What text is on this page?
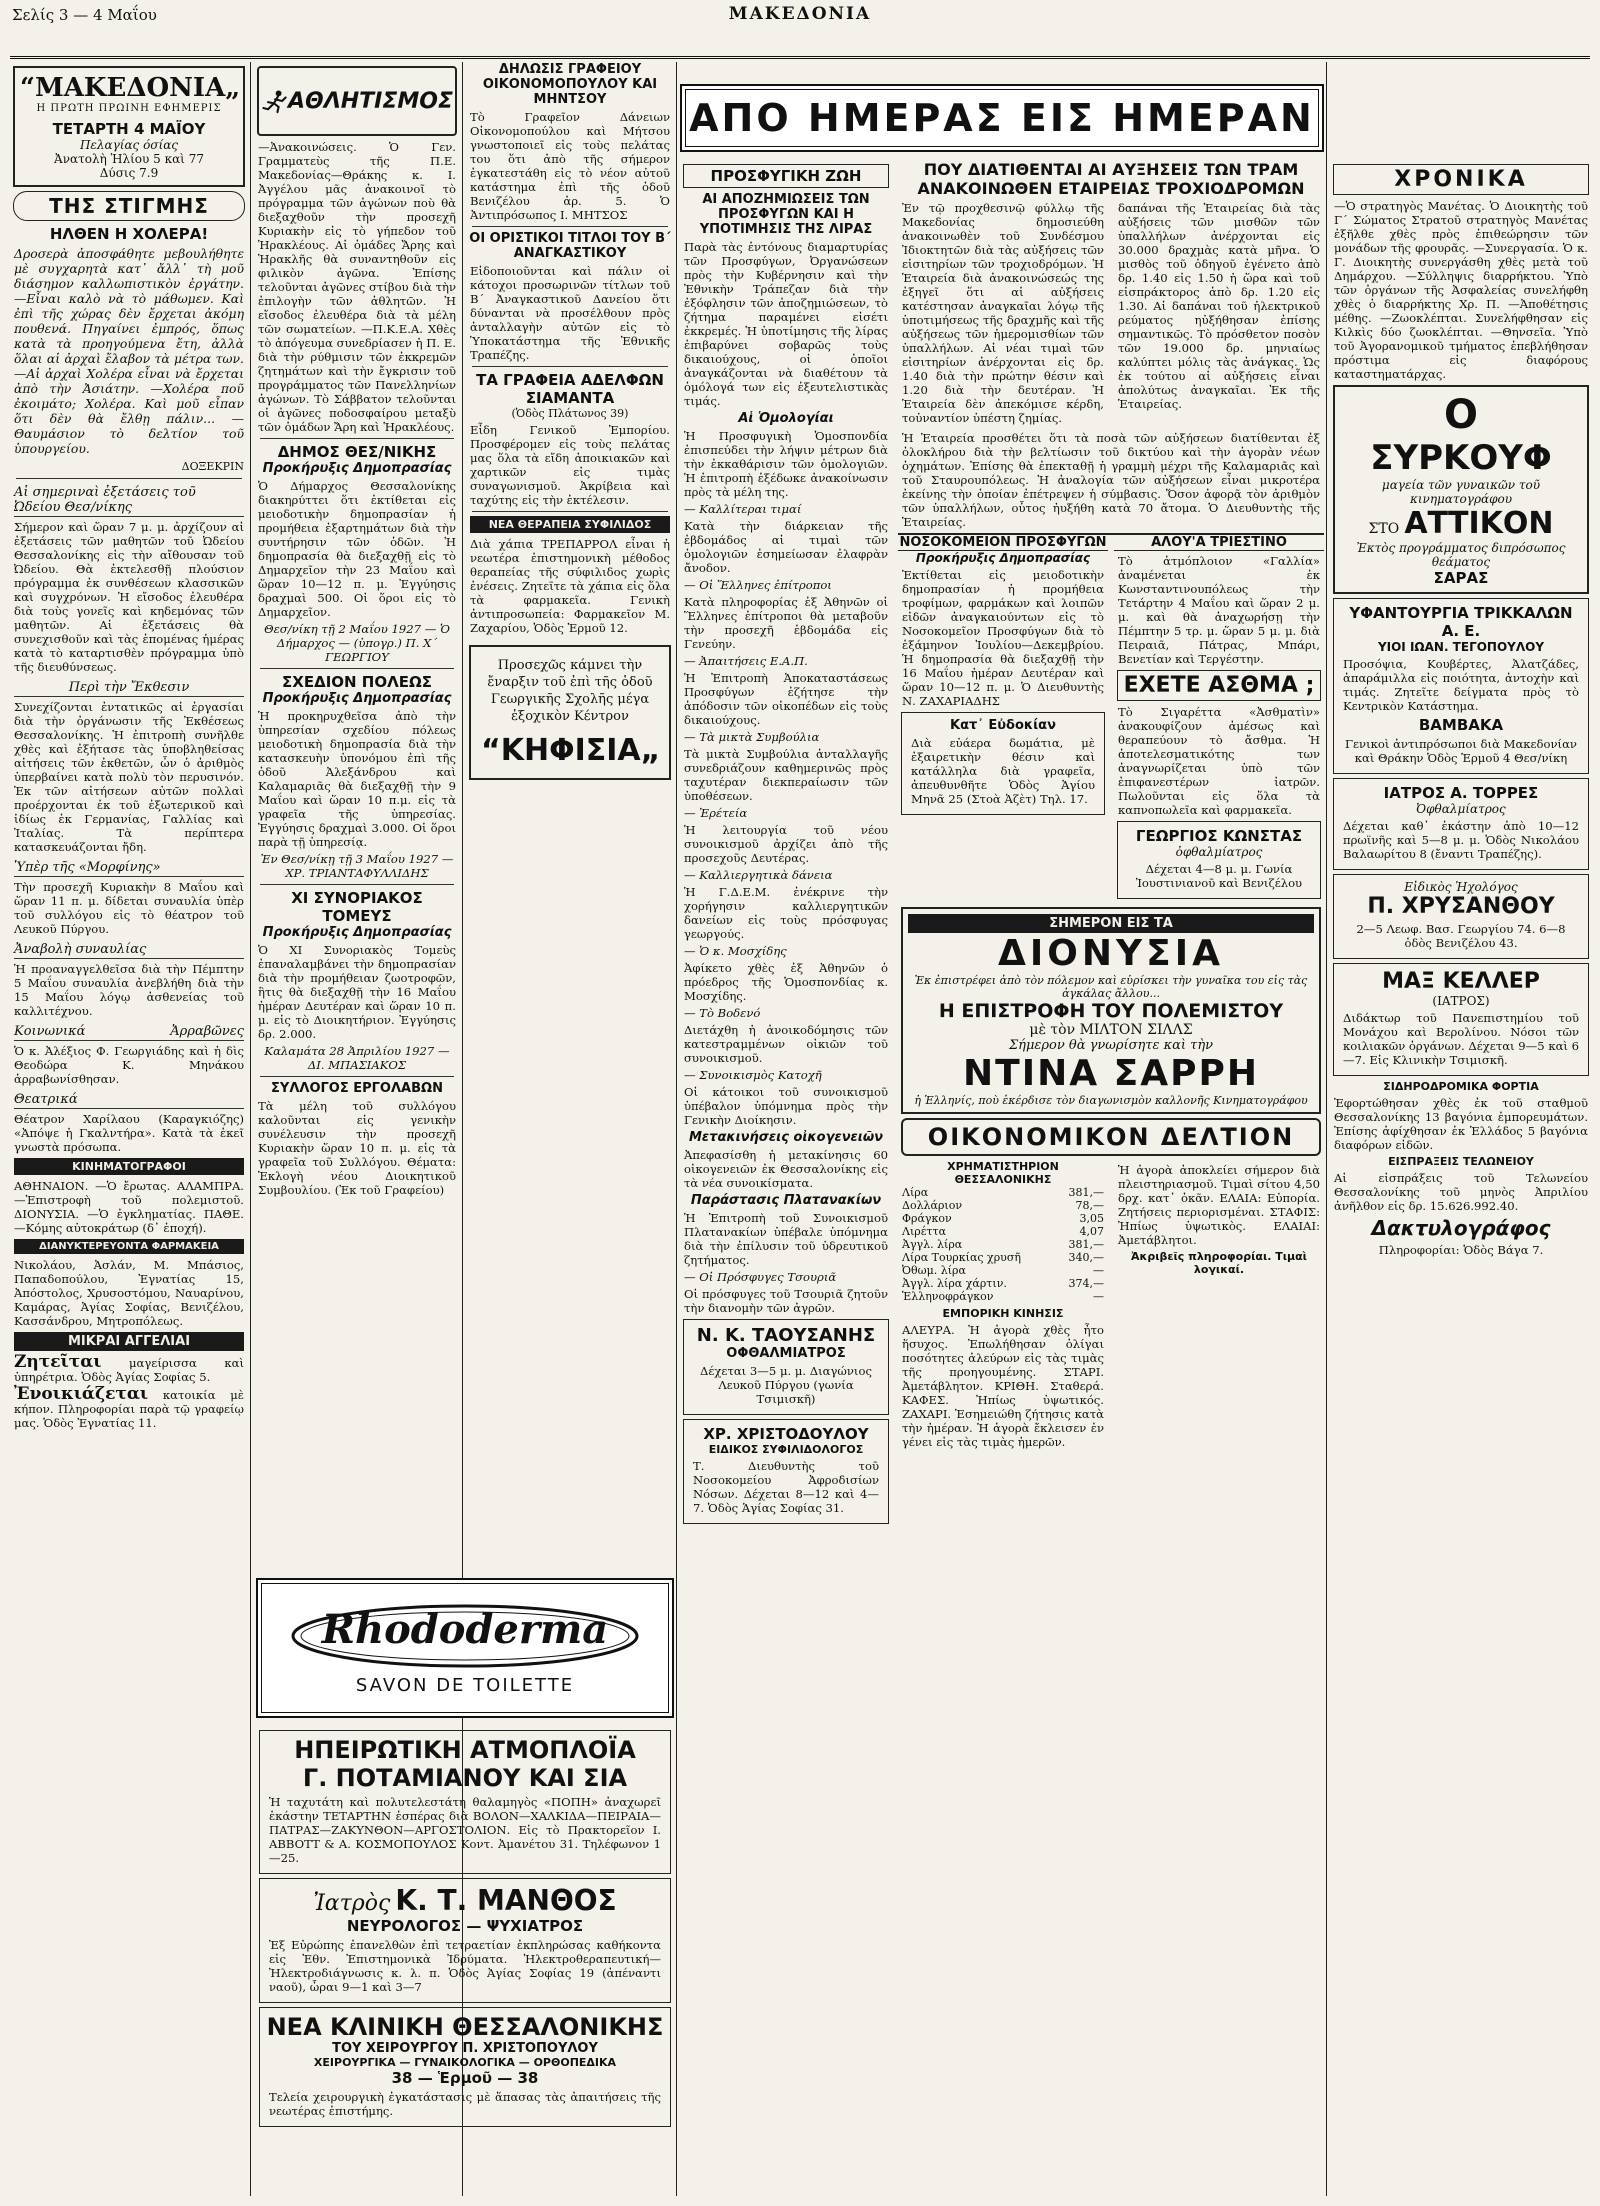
Σελίς 3 — 4 Μαΐου	ΜΑΚΕΔΟΝΙΑ
“ΜΑΚΕΔΟΝΙΑ„
Η ΠΡΩΤΗ ΠΡΩΙΝΗ ΕΦΗΜΕΡΙΣ
ΤΕΤΑΡΤΗ 4 ΜΑΪΟΥ
Πελαγίας όσίας
Ἀνατολὴ Ἡλίου 5 καὶ 77
Δύσις 7.9
ΤΗΣ ΣΤΙΓΜΗΣ
ΗΛΘΕΝ Η ΧΟΛΕΡΑ!
Δροσερὰ ἀποσφάθητε μεβουλήθητε μὲ συγχαρητὰ κατ᾽ ἄλλ᾽ τὴ μοῦ διάσημον καλλωπιστικὸν ἐργάτην. —Εἶναι καλὸ νὰ τὸ μάθωμεν. Καὶ ἐπὶ τῆς χώρας δὲν ἔρχεται ἀκόμη πουθενά. Πηγαίνει ἐμπρός, ὅπως κατὰ τὰ προηγούμενα ἔτη, ἀλλὰ ὅλαι αἱ ἀρχαὶ ἔλαβον τὰ μέτρα των. —Αἱ ἀρχαὶ Χολέρα εἶναι νὰ ἔρχεται ἀπὸ τὴν Ἀσιάτην. —Χολέρα ποῦ ἐκοιμάτο; Χολέρα. Καὶ μοῦ εἶπαν ὅτι δὲν θὰ ἔλθῃ πάλιν... —Θαυμάσιον τὸ δελτίον τοῦ ὑπουργείου.
ΔΟΞΕΚΡΙΝ
Αἱ σημεριναὶ ἐξετάσεις τοῦ Ὠδείου Θεσ/νίκης
Σήμερον καὶ ὥραν 7 μ. μ. ἀρχίζουν αἱ ἐξετάσεις τῶν μαθητῶν τοῦ Ὠδείου Θεσσαλονίκης εἰς τὴν αἴθουσαν τοῦ Ὠδείου. Θὰ ἐκτελεσθῇ πλούσιον πρόγραμμα ἐκ συνθέσεων κλασσικῶν καὶ συγχρόνων. Ἡ εἴσοδος ἐλευθέρα διὰ τοὺς γονεῖς καὶ κηδεμόνας τῶν μαθητῶν. Αἱ ἐξετάσεις θὰ συνεχισθοῦν καὶ τὰς ἑπομένας ἡμέρας κατὰ τὸ καταρτισθὲν πρόγραμμα ὑπὸ τῆς διευθύνσεως.
Περὶ τὴν Ἔκθεσιν
Συνεχίζονται ἐντατικῶς αἱ ἐργασίαι διὰ τὴν ὀργάνωσιν τῆς Ἐκθέσεως Θεσσαλονίκης. Ἡ ἐπιτροπὴ συνῆλθε χθὲς καὶ ἐξήτασε τὰς ὑποβληθείσας αἰτήσεις τῶν ἐκθετῶν, ὧν ὁ ἀριθμὸς ὑπερβαίνει κατὰ πολὺ τὸν περυσινόν. Ἐκ τῶν αἰτήσεων αὐτῶν πολλαὶ προέρχονται ἐκ τοῦ ἐξωτερικοῦ καὶ ἰδίως ἐκ Γερμανίας, Γαλλίας καὶ Ἰταλίας. Τὰ περίπτερα κατασκευάζονται ἤδη.
Ὑπὲρ τῆς «Μορφίνης»
Τὴν προσεχῆ Κυριακὴν 8 Μαΐου καὶ ὥραν 11 π. μ. δίδεται συναυλία ὑπὲρ τοῦ συλλόγου εἰς τὸ θέατρον τοῦ Λευκοῦ Πύργου.
Ἀναβολὴ συναυλίας
Ἡ προαναγγελθεῖσα διὰ τὴν Πέμπτην 5 Μαΐου συναυλία ἀνεβλήθη διὰ τὴν 15 Μαΐου λόγῳ ἀσθενείας τοῦ καλλιτέχνου.
Κοινωνικά	Ἀρραβῶνες
Ὁ κ. Ἀλέξιος Φ. Γεωργιάδης καὶ ἡ δὶς Θεοδώρα Κ. Μηνάκου ἀρραβωνίσθησαν.
Θεατρικά
Θέατρον Χαρίλαου (Καραγκιόζης) «Ἀπόψε ἡ Γκαλντήρα». Κατὰ τὰ ἐκεῖ γνωστὰ πρόσωπα.
ΚΙΝΗΜΑΤΟΓΡΑΦΟΙ
ΑΘΗΝΑΙΟΝ. —Ὁ ἔρωτας. ΑΛΑΜΠΡΑ. —Ἐπιστροφὴ τοῦ πολεμιστοῦ. ΔΙΟΝΥΣΙΑ. —Ὁ ἐγκληματίας. ΠΑΘΕ. —Κόμης αὐτοκράτωρ (δ᾽ ἐποχή).
ΔΙΑΝΥΚΤΕΡΕΥΟΝΤΑ ΦΑΡΜΑΚΕΙΑ
Νικολάου, Ἀσλάν, Μ. Μπάσιος, Παπαδοπούλου, Ἐγνατίας 15, Ἀπόστολος, Χρυσοστόμου, Ναυαρίνου, Καμάρας, Ἀγίας Σοφίας, Βενιζέλου, Κασσάνδρου, Μητροπόλεως.
ΜΙΚΡΑΙ ΑΓΓΕΛΙΑΙ
Ζητεῖται μαγείρισσα καὶ ὑπηρέτρια. Ὁδὸς Ἀγίας Σοφίας 5.
Ἐνοικιάζεται κατοικία μὲ κήπον. Πληροφορίαι παρὰ τῷ γραφείῳ μας. Ὁδὸς Ἐγνατίας 11.
ΑΘΛΗΤΙΣΜΟΣ
—Ἀνακοινώσεις. Ὁ Γεν. Γραμματεὺς τῆς Π.Ε. Μακεδονίας—Θράκης κ. Ι. Ἀγγέλου μᾶς ἀνακοινοῖ τὸ πρόγραμμα τῶν ἀγώνων ποὺ θὰ διεξαχθοῦν τὴν προσεχῆ Κυριακὴν εἰς τὸ γήπεδον τοῦ Ἡρακλέους. Αἱ ὁμάδες Ἄρης καὶ Ἡρακλῆς θὰ συναντηθοῦν εἰς φιλικὸν ἀγῶνα. Ἐπίσης τελοῦνται ἀγῶνες στίβου διὰ τὴν ἐπιλογὴν τῶν ἀθλητῶν. Ἡ εἴσοδος ἐλευθέρα διὰ τὰ μέλη τῶν σωματείων. —Π.Κ.Ε.Α. Χθὲς τὸ ἀπόγευμα συνεδρίασεν ἡ Π. Ε. διὰ τὴν ρύθμισιν τῶν ἐκκρεμῶν ζητημάτων καὶ τὴν ἔγκρισιν τοῦ προγράμματος τῶν Πανελληνίων ἀγώνων. Τὸ Σάββατον τελοῦνται οἱ ἀγῶνες ποδοσφαίρου μεταξὺ τῶν ὁμάδων Ἄρη καὶ Ἡρακλέους.
ΔΗΜΟΣ ΘΕΣ/ΝΙΚΗΣ
Προκήρυξις Δημοπρασίας
Ὁ Δήμαρχος Θεσσαλονίκης διακηρύττει ὅτι ἐκτίθεται εἰς μειοδοτικὴν δημοπρασίαν ἡ προμήθεια ἐξαρτημάτων διὰ τὴν συντήρησιν τῶν ὁδῶν. Ἡ δημοπρασία θὰ διεξαχθῇ εἰς τὸ Δημαρχεῖον τὴν 23 Μαΐου καὶ ὥραν 10—12 π. μ. Ἐγγύησις δραχμαὶ 500. Οἱ ὅροι εἰς τὸ Δημαρχεῖον.
Θεσ/νίκη τῇ 2 Μαΐου 1927 — Ὁ Δήμαρχος — (ὑπογρ.) Π. Χ΄ ΓΕΩΡΓΙΟΥ
ΣΧΕΔΙΟΝ ΠΟΛΕΩΣ
Προκήρυξις Δημοπρασίας
Ἡ προκηρυχθεῖσα ἀπὸ τὴν ὑπηρεσίαν σχεδίου πόλεως μειοδοτικὴ δημοπρασία διὰ τὴν κατασκευὴν ὑπονόμου ἐπὶ τῆς ὁδοῦ Ἀλεξάνδρου καὶ Καλαμαριᾶς θὰ διεξαχθῇ τὴν 9 Μαΐου καὶ ὥραν 10 π.μ. εἰς τὰ γραφεῖα τῆς ὑπηρεσίας. Ἐγγύησις δραχμαὶ 3.000. Οἱ ὅροι παρὰ τῇ ὑπηρεσίᾳ.
Ἐν Θεσ/νίκῃ τῇ 3 Μαΐου 1927 — ΧΡ. ΤΡΙΑΝΤΑΦΥΛΛΙΔΗΣ
ΧΙ ΣΥΝΟΡΙΑΚΟΣ ΤΟΜΕΥΣ
Προκήρυξις Δημοπρασίας
Ὁ ΧΙ Συνοριακὸς Τομεὺς ἐπαναλαμβάνει τὴν δημοπρασίαν διὰ τὴν προμήθειαν ζωοτροφῶν, ἣτις θὰ διεξαχθῇ τὴν 16 Μαΐου ἡμέραν Δευτέραν καὶ ὥραν 10 π. μ. εἰς τὸ Διοικητήριον. Ἐγγύησις δρ. 2.000.
Καλαμάτα 28 Ἀπριλίου 1927 — ΔΙ. ΜΠΑΣΙΑΚΟΣ
ΣΥΛΛΟΓΟΣ ΕΡΓΟΛΑΒΩΝ
Τὰ μέλη τοῦ συλλόγου καλοῦνται εἰς γενικὴν συνέλευσιν τὴν προσεχῆ Κυριακὴν ὥραν 10 π. μ. εἰς τὰ γραφεῖα τοῦ Συλλόγου. Θέματα: Ἐκλογὴ νέου Διοικητικοῦ Συμβουλίου. (Ἐκ τοῦ Γραφείου)
ΔΗΛΩΣΙΣ ΓΡΑΦΕΙΟΥ ΟΙΚΟΝΟΜΟΠΟΥΛΟΥ ΚΑΙ ΜΗΝΤΣΟΥ
Τὸ Γραφεῖον Δάνειων Οἰκονομοπούλου καὶ Μήτσου γνωστοποιεῖ εἰς τοὺς πελάτας του ὅτι ἀπὸ τῆς σήμερον ἐγκατεστάθη εἰς τὸ νέον αὐτοῦ κατάστημα ἐπὶ τῆς ὁδοῦ Βενιζέλου ἀρ. 5. Ὁ Ἀντιπρόσωπος Ι. ΜΗΤΣΟΣ
ΟΙ ΟΡΙΣΤΙΚΟΙ ΤΙΤΛΟΙ ΤΟΥ Β΄ ΑΝΑΓΚΑΣΤΙΚΟΥ
Εἰδοποιοῦνται καὶ πάλιν οἱ κάτοχοι προσωρινῶν τίτλων τοῦ Β΄ Ἀναγκαστικοῦ Δανείου ὅτι δύνανται νὰ προσέλθουν πρὸς ἀνταλλαγὴν αὐτῶν εἰς τὸ Ὑποκατάστημα τῆς Ἐθνικῆς Τραπέζης.
ΤΑ ΓΡΑΦΕΙΑ ΑΔΕΛΦΩΝ ΣΙΑΜΑΝΤΑ
(Ὁδὸς Πλάτωνος 39)
Εἶδη Γενικοῦ Ἐμπορίου. Προσφέρομεν εἰς τοὺς πελάτας μας ὅλα τὰ εἴδη ἀποικιακῶν καὶ χαρτικῶν εἰς τιμὰς συναγωνισμοῦ. Ἀκρίβεια καὶ ταχύτης εἰς τὴν ἐκτέλεσιν.
ΝΕΑ ΘΕΡΑΠΕΙΑ ΣΥΦΙΛΙΔΟΣ
Διὰ χάπια ΤΡΕΠΑΡΡΟΛ εἶναι ἡ νεωτέρα ἐπιστημονικὴ μέθοδος θεραπείας τῆς σύφιλιδος χωρὶς ἐνέσεις. Ζητεῖτε τὰ χάπια εἰς ὅλα τὰ φαρμακεῖα. Γενικὴ ἀντιπροσωπεία: Φαρμακεῖον Μ. Ζαχαρίου, Ὁδὸς Ἑρμοῦ 12.
Προσεχῶς κάμνει τὴν ἔναρξιν τοῦ ἐπὶ τῆς ὁδοῦ Γεωργικῆς Σχολῆς μέγα ἐξοχικὸν Κέντρον
“ΚΗΦΙΣΙΑ„
Rhododerma
SAVON DE TOILETTE
ΗΠΕΙΡΩΤΙΚΗ ΑΤΜΟΠΛΟΪΑ
Γ. ΠΟΤΑΜΙΑΝΟΥ ΚΑΙ ΣΙΑ
Ἡ ταχυτάτη καὶ πολυτελεστάτη θαλαμηγὸς «ΠΟΠΗ» ἀναχωρεῖ ἑκάστην ΤΕΤΑΡΤΗΝ ἑσπέρας διὰ ΒΟΛΟΝ—ΧΑΛΚΙΔΑ—ΠΕΙΡΑΙΑ—ΠΑΤΡΑΣ—ΖΑΚΥΝΘΟΝ—ΑΡΓΟΣΤΟΛΙΟΝ. Εἰς τὸ Πρακτορεῖον Ι. ABBOTT & Α. ΚΟΣΜΟΠΟΥΛΟΣ Κοντ. Ἀμανέτου 31. Τηλέφωνον 1—25.
Ἰατρὸς Κ. Τ. ΜΑΝΘΟΣ
ΝΕΥΡΟΛΟΓΟΣ — ΨΥΧΙΑΤΡΟΣ
Ἐξ Εὐρώπης ἐπανελθὼν ἐπὶ τετραετίαν ἐκπληρώσας καθήκοντα εἰς Ἐθν. Ἐπιστημονικὰ Ἰδρύματα. Ἠλεκτροθεραπευτική—Ἠλεκτροδιάγνωσις κ. λ. π. Ὁδὸς Ἀγίας Σοφίας 19 (ἀπέναντι ναοῦ), ὧραι 9—1 καὶ 3—7
ΝΕΑ ΚΛΙΝΙΚΗ ΘΕΣΣΑΛΟΝΙΚΗΣ
ΤΟΥ ΧΕΙΡΟΥΡΓΟΥ Π. ΧΡΙΣΤΟΠΟΥΛΟΥ
ΧΕΙΡΟΥΡΓΙΚΑ — ΓΥΝΑΙΚΟΛΟΓΙΚΑ — ΟΡΘΟΠΕΔΙΚΑ
38 — Ἑρμοῦ — 38
Τελεία χειρουργικὴ ἐγκατάστασις μὲ ἅπασας τὰς ἀπαιτήσεις τῆς νεωτέρας ἐπιστήμης.
ΑΠΟ ΗΜΕΡΑΣ ΕΙΣ ΗΜΕΡΑΝ
ΠΡΟΣΦΥΓΙΚΗ ΖΩΗ
ΑΙ ΑΠΟΖΗΜΙΩΣΕΙΣ ΤΩΝ ΠΡΟΣΦΥΓΩΝ ΚΑΙ Η ΥΠΟΤΙΜΗΣΙΣ ΤΗΣ ΛΙΡΑΣ
Παρὰ τὰς ἐντόνους διαμαρτυρίας τῶν Προσφύγων, Ὀργανώσεων πρὸς τὴν Κυβέρνησιν καὶ τὴν Ἐθνικὴν Τράπεζαν διὰ τὴν ἐξόφλησιν τῶν ἀποζημιώσεων, τὸ ζήτημα παραμένει εἰσέτι ἐκκρεμές. Ἡ ὑποτίμησις τῆς λίρας ἐπιβαρύνει σοβαρῶς τοὺς δικαιούχους, οἱ ὁποῖοι ἀναγκάζονται νὰ διαθέτουν τὰ ὁμόλογά των εἰς ἐξευτελιστικὰς τιμάς.
Αἱ Ὁμολογίαι
Ἡ Προσφυγικὴ Ὁμοσπονδία ἐπισπεύδει τὴν λήψιν μέτρων διὰ τὴν ἐκκαθάρισιν τῶν ὁμολογιῶν. Ἡ ἐπιτροπὴ ἐξέδωκε ἀνακοίνωσιν πρὸς τὰ μέλη της.
— Καλλίτεραι τιμαί
Κατὰ τὴν διάρκειαν τῆς ἑβδομάδος αἱ τιμαὶ τῶν ὁμολογιῶν ἐσημείωσαν ἐλαφρὰν ἄνοδον.
— Οἱ Ἕλληνες ἐπίτροποι
Κατὰ πληροφορίας ἐξ Ἀθηνῶν οἱ Ἕλληνες ἐπίτροποι θὰ μεταβοῦν τὴν προσεχῆ ἑβδομάδα εἰς Γενεύην.
— Ἀπαιτήσεις Ε.Α.Π.
Ἡ Ἐπιτροπὴ Ἀποκαταστάσεως Προσφύγων ἐζήτησε τὴν ἀπόδοσιν τῶν οἰκοπέδων εἰς τοὺς δικαιούχους.
— Τὰ μικτὰ Συμβούλια
Τὰ μικτὰ Συμβούλια ἀνταλλαγῆς συνεδριάζουν καθημερινῶς πρὸς ταχυτέραν διεκπεραίωσιν τῶν ὑποθέσεων.
— Ἐρέτεία
Ἡ λειτουργία τοῦ νέου συνοικισμοῦ ἀρχίζει ἀπὸ τῆς προσεχοῦς Δευτέρας.
— Καλλιεργητικὰ δάνεια
Ἡ Γ.Δ.Ε.Μ. ἐνέκρινε τὴν χορήγησιν καλλιεργητικῶν δανείων εἰς τοὺς πρόσφυγας γεωργούς.
— Ὁ κ. Μοσχίδης
Ἀφίκετο χθὲς ἐξ Ἀθηνῶν ὁ πρόεδρος τῆς Ὁμοσπονδίας κ. Μοσχίδης.
— Τὸ Βοδενό
Διετάχθη ἡ ἀνοικοδόμησις τῶν κατεστραμμένων οἰκιῶν τοῦ συνοικισμοῦ.
— Συνοικισμὸς Κατοχῆ
Οἱ κάτοικοι τοῦ συνοικισμοῦ ὑπέβαλον ὑπόμνημα πρὸς τὴν Γενικὴν Διοίκησιν.
Μετακινήσεις οἰκογενειῶν
Ἀπεφασίσθη ἡ μετακίνησις 60 οἰκογενειῶν ἐκ Θεσσαλονίκης εἰς τὰ νέα συνοικίσματα.
Παράστασις Πλατανακίων
Ἡ Ἐπιτροπὴ τοῦ Συνοικισμοῦ Πλατανακίων ὑπέβαλε ὑπόμνημα διὰ τὴν ἐπίλυσιν τοῦ ὑδρευτικοῦ ζητήματος.
— Οἱ Πρόσφυγες Τσουριᾶ
Οἱ πρόσφυγες τοῦ Τσουριᾶ ζητοῦν τὴν διανομὴν τῶν ἀγρῶν.
Ν. Κ. ΤΑΟΥΣΑΝΗΣ
ΟΦΘΑΛΜΙΑΤΡΟΣ
Δέχεται 3—5 μ. μ. Διαγώνιος Λευκοῦ Πύργου (γωνία Τσιμισκῆ)
ΧΡ. ΧΡΙΣΤΟΔΟΥΛΟΥ
ΕΙΔΙΚΟΣ ΣΥΦΙΛΙΔΟΛΟΓΟΣ
Τ. Διευθυντὴς τοῦ Νοσοκομείου Ἀφροδισίων Νόσων. Δέχεται 8—12 καὶ 4—7. Ὁδὸς Ἁγίας Σοφίας 31.
ΠΟΥ ΔΙΑΤΙΘΕΝΤΑΙ ΑΙ ΑΥΞΗΣΕΙΣ ΤΩΝ ΤΡΑΜ
ΑΝΑΚΟΙΝΩΘΕΝ ΕΤΑΙΡΕΙΑΣ ΤΡΟΧΙΟΔΡΟΜΩΝ
Ἐν τῷ προχθεσινῷ φύλλῳ τῆς Μακεδονίας δημοσιεύθη ἀνακοινωθὲν τοῦ Συνδέσμου Ἰδιοκτητῶν διὰ τὰς αὐξήσεις τῶν εἰσιτηρίων τῶν τροχιοδρόμων. Ἡ Ἑταιρεία διὰ ἀνακοινώσεώς της ἐξηγεῖ ὅτι αἱ αὐξήσεις κατέστησαν ἀναγκαῖαι λόγῳ τῆς ὑποτιμήσεως τῆς δραχμῆς καὶ τῆς αὐξήσεως τῶν ἡμερομισθίων τῶν ὑπαλλήλων. Αἱ νέαι τιμαὶ τῶν εἰσιτηρίων ἀνέρχονται εἰς δρ. 1.40 διὰ τὴν πρώτην θέσιν καὶ 1.20 διὰ τὴν δευτέραν. Ἡ Ἑταιρεία δὲν ἀπεκόμισε κέρδη, τοὐναντίον ὑπέστη ζημίας.
δαπάναι τῆς Ἑταιρείας διὰ τὰς αὐξήσεις τῶν μισθῶν τῶν ὑπαλλήλων ἀνέρχονται εἰς 30.000 δραχμὰς κατὰ μῆνα. Ὁ μισθὸς τοῦ ὁδηγοῦ ἐγένετο ἀπὸ δρ. 1.40 εἰς 1.50 ἡ ὥρα καὶ τοῦ εἰσπράκτορος ἀπὸ δρ. 1.20 εἰς 1.30. Αἱ δαπάναι τοῦ ἠλεκτρικοῦ ρεύματος ηὐξήθησαν ἐπίσης σημαντικῶς. Τὸ πρόσθετον ποσὸν τῶν 19.000 δρ. μηνιαίως καλύπτει μόλις τὰς ἀνάγκας. Ὡς ἐκ τούτου αἱ αὐξήσεις εἶναι ἀπολύτως ἀναγκαῖαι. Ἐκ τῆς Ἑταιρείας.
Ἡ Ἑταιρεία προσθέτει ὅτι τὰ ποσὰ τῶν αὐξήσεων διατίθενται ἐξ ὁλοκλήρου διὰ τὴν βελτίωσιν τοῦ δικτύου καὶ τὴν ἀγορὰν νέων ὀχημάτων. Ἐπίσης θὰ ἐπεκταθῇ ἡ γραμμὴ μέχρι τῆς Καλαμαριᾶς καὶ τοῦ Σταυρουπόλεως. Ἡ ἀναλογία τῶν αὐξήσεων εἶναι μικροτέρα ἐκείνης τὴν ὁποίαν ἐπέτρεψεν ἡ σύμβασις. Ὅσον ἀφορᾷ τὸν ἀριθμὸν τῶν ὑπαλλήλων, οὗτος ἠυξήθη κατὰ 70 ἄτομα. Ὁ Διευθυντὴς τῆς Ἑταιρείας.
ΝΟΣΟΚΟΜΕΙΟΝ ΠΡΟΣΦΥΓΩΝ
Προκήρυξις Δημοπρασίας
Ἐκτίθεται εἰς μειοδοτικὴν δημοπρασίαν ἡ προμήθεια τροφίμων, φαρμάκων καὶ λοιπῶν εἰδῶν ἀναγκαιούντων εἰς τὸ Νοσοκομεῖον Προσφύγων διὰ τὸ ἑξάμηνον Ἰουλίου—Δεκεμβρίου. Ἡ δημοπρασία θὰ διεξαχθῇ τὴν 16 Μαΐου ἡμέραν Δευτέραν καὶ ὥραν 10—12 π. μ. Ὁ Διευθυντὴς Ν. ΖΑΧΑΡΙΑΔΗΣ
Κατ᾽ Εὐδοκίαν
Διὰ εὐάερα δωμάτια, μὲ ἐξαιρετικὴν θέσιν καὶ κατάλληλα διὰ γραφεῖα, ἀπευθυνθῆτε Ὁδὸς Ἁγίου Μηνᾶ 25 (Στοὰ Ἀζὲτ) Τηλ. 17.
ΑΛΟΥ'Α ΤΡΙΕΣΤΙΝΟ
Τὸ ἀτμόπλοιον «Γαλλία» ἀναμένεται ἐκ Κωνσταντινουπόλεως τὴν Τετάρτην 4 Μαΐου καὶ ὥραν 2 μ. μ. καὶ θὰ ἀναχωρήσῃ τὴν Πέμπτην 5 τρ. μ. ὥραν 5 μ. μ. διὰ Πειραιᾶ, Πάτρας, Μπάρι, Βενετίαν καὶ Τεργέστην.
ΕΧΕΤΕ ΑΣΘΜΑ ;
Τὸ Σιγαρέττα «Ἀσθματὶν» ἀνακουφίζουν ἀμέσως καὶ θεραπεύουν τὸ ἄσθμα. Ἡ ἀποτελεσματικότης των ἀναγνωρίζεται ὑπὸ τῶν ἐπιφανεστέρων ἰατρῶν. Πωλοῦνται εἰς ὅλα τὰ καπνοπωλεῖα καὶ φαρμακεῖα.
ΓΕΩΡΓΙΟΣ ΚΩΝΣΤΑΣ
ὀφθαλμίατρος
Δέχεται 4—8 μ. μ. Γωνία Ἰουστινιανοῦ καὶ Βενιζέλου
ΣΗΜΕΡΟΝ ΕΙΣ ΤΑ
ΔΙΟΝΥΣΙΑ
Ἐκ ἐπιστρέφει ἀπὸ τὸν πόλεμον καὶ εὑρίσκει τὴν γυναῖκα του εἰς τὰς ἀγκάλας ἄλλου...
Η ΕΠΙΣΤΡΟΦΗ ΤΟΥ ΠΟΛΕΜΙΣΤΟΥ
μὲ τὸν ΜΙΛΤΟΝ ΣΙΛΛΣ
Σήμερον θὰ γνωρίσητε καὶ τὴν
ΝΤΙΝΑ ΣΑΡΡΗ
ἡ Ἑλληνίς, ποὺ ἐκέρδισε τὸν διαγωνισμὸν καλλονῆς Κινηματογράφου
ΟΙΚΟΝΟΜΙΚΟΝ ΔΕΛΤΙΟΝ
ΧΡΗΜΑΤΙΣΤΗΡΙΟΝ ΘΕΣΣΑΛΟΝΙΚΗΣ
Λίρα	381,—
Δολλάριον	78,—
Φράγκον	3,05
Λιρέττα	4,07
Ἀγγλ. λίρα	381,—
Λίρα Τουρκίας χρυσῆ	340,—
Ὀθωμ. λίρα	—
Ἀγγλ. λίρα χάρτιν.	374,—
Ἑλληνοφράγκον	—
ΕΜΠΟΡΙΚΗ ΚΙΝΗΣΙΣ
ΑΛΕΥΡΑ. Ἡ ἀγορὰ χθὲς ἦτο ἥσυχος. Ἐπωλήθησαν ὀλίγαι ποσότητες ἀλεύρων εἰς τὰς τιμὰς τῆς προηγουμένης. ΣΤΑΡΙ. Ἀμετάβλητον. ΚΡΙΘΗ. Σταθερά. ΚΑΦΕΣ. Ἠπίως ὑψωτικός. ΖΑΧΑΡΙ. Ἐσημειώθη ζήτησις κατὰ τὴν ἡμέραν. Ἡ ἀγορὰ ἔκλεισεν ἐν γένει εἰς τὰς τιμὰς ἡμερῶν.
Ἡ ἀγορὰ ἀποκλείει σήμερον διὰ πλειστηριασμοῦ. Τιμαὶ σίτου 4,50 δρχ. κατ᾽ ὀκᾶν. ΕΛΑΙΑ: Εὐπορία. Ζητήσεις περιορισμέναι. ΣΤΑΦΙΣ: Ἠπίως ὑψωτικὸς. ΕΛΑΙΑΙ: Ἀμετάβλητοι.
Ἀκριβεῖς πληροφορίαι. Τιμαὶ λογικαί.
ΧΡΟΝΙΚΑ
—Ὁ στρατηγὸς Μανέτας. Ὁ Διοικητὴς τοῦ Γ΄ Σώματος Στρατοῦ στρατηγὸς Μανέτας ἐξῆλθε χθὲς πρὸς ἐπιθεώρησιν τῶν μονάδων τῆς φρουρᾶς. —Συνεργασία. Ὁ κ. Γ. Διοικητὴς συνεργάσθη χθὲς μετὰ τοῦ Δημάρχου. —Σύλληψις διαρρήκτου. Ὑπὸ τῶν ὀργάνων τῆς Ἀσφαλείας συνελήφθη χθὲς ὁ διαρρήκτης Χρ. Π. —Ἀποθέτησις μέθης. —Ζωοκλέπται. Συνελήφθησαν εἰς Κιλκὶς δύο ζωοκλέπται. —Θηνσεῖα. Ὑπὸ τοῦ Ἀγορανομικοῦ τμήματος ἐπεβλήθησαν πρόστιμα εἰς διαφόρους καταστηματάρχας.
Ο
ΣΥΡΚΟΥΦ
μαγεία τῶν γυναικῶν τοῦ κινηματογράφου
ΣΤΟ ΑΤΤΙΚΟΝ
Ἐκτὸς προγράμματος διπρόσωπος θεάματος
ΣΑΡΑΣ
ΥΦΑΝΤΟΥΡΓΙΑ ΤΡΙΚΚΑΛΩΝ Α. Ε.
ΥΙΟΙ ΙΩΑΝ. ΤΕΓΟΠΟΥΛΟΥ
Προσόψια, Κουβέρτες, Ἀλατζάδες, ἀπαράμιλλα εἰς ποιότητα, ἀντοχὴν καὶ τιμάς. Ζητεῖτε δείγματα πρὸς τὸ Κεντρικὸν Κατάστημα.
ΒΑΜΒΑΚΑ
Γενικοὶ ἀντιπρόσωποι διὰ Μακεδονίαν καὶ Θράκην Ὁδὸς Ἑρμοῦ 4 Θεσ/νίκη
ΙΑΤΡΟΣ Α. ΤΟΡΡΕΣ
Ὀφθαλμίατρος
Δέχεται καθ᾽ ἑκάστην ἀπὸ 10—12 πρωϊνῆς καὶ 5—8 μ. μ. Ὁδὸς Νικολάου Βαλαωρίτου 8 (ἔναντι Τραπέζης).
Εἰδικὸς Ἠχολόγος
Π. ΧΡΥΣΑΝΘΟΥ
2—5 Λεωφ. Βασ. Γεωργίου 74. 6—8 ὁδὸς Βενιζέλου 43.
ΜΑΞ ΚΕΛΛΕΡ
(ΙΑΤΡΟΣ)
Διδάκτωρ τοῦ Πανεπιστημίου τοῦ Μονάχου καὶ Βερολίνου. Νόσοι τῶν κοιλιακῶν ὀργάνων. Δέχεται 9—5 καὶ 6—7. Εἰς Κλινικὴν Τσιμισκῆ.
ΣΙΔΗΡΟΔΡΟΜΙΚΑ ΦΟΡΤΙΑ
Ἐφορτώθησαν χθὲς ἐκ τοῦ σταθμοῦ Θεσσαλονίκης 13 βαγόνια ἐμπορευμάτων. Ἐπίσης ἀφίχθησαν ἐκ Ἑλλάδος 5 βαγόνια διαφόρων εἰδῶν.
ΕΙΣΠΡΑΞΕΙΣ ΤΕΛΩΝΕΙΟΥ
Αἱ εἰσπράξεις τοῦ Τελωνείου Θεσσαλονίκης τοῦ μηνὸς Ἀπριλίου ἀνῆλθον εἰς δρ. 15.626.992.40.
Δακτυλογράφος
Πληροφορίαι: Ὁδὸς Βάγα 7.
